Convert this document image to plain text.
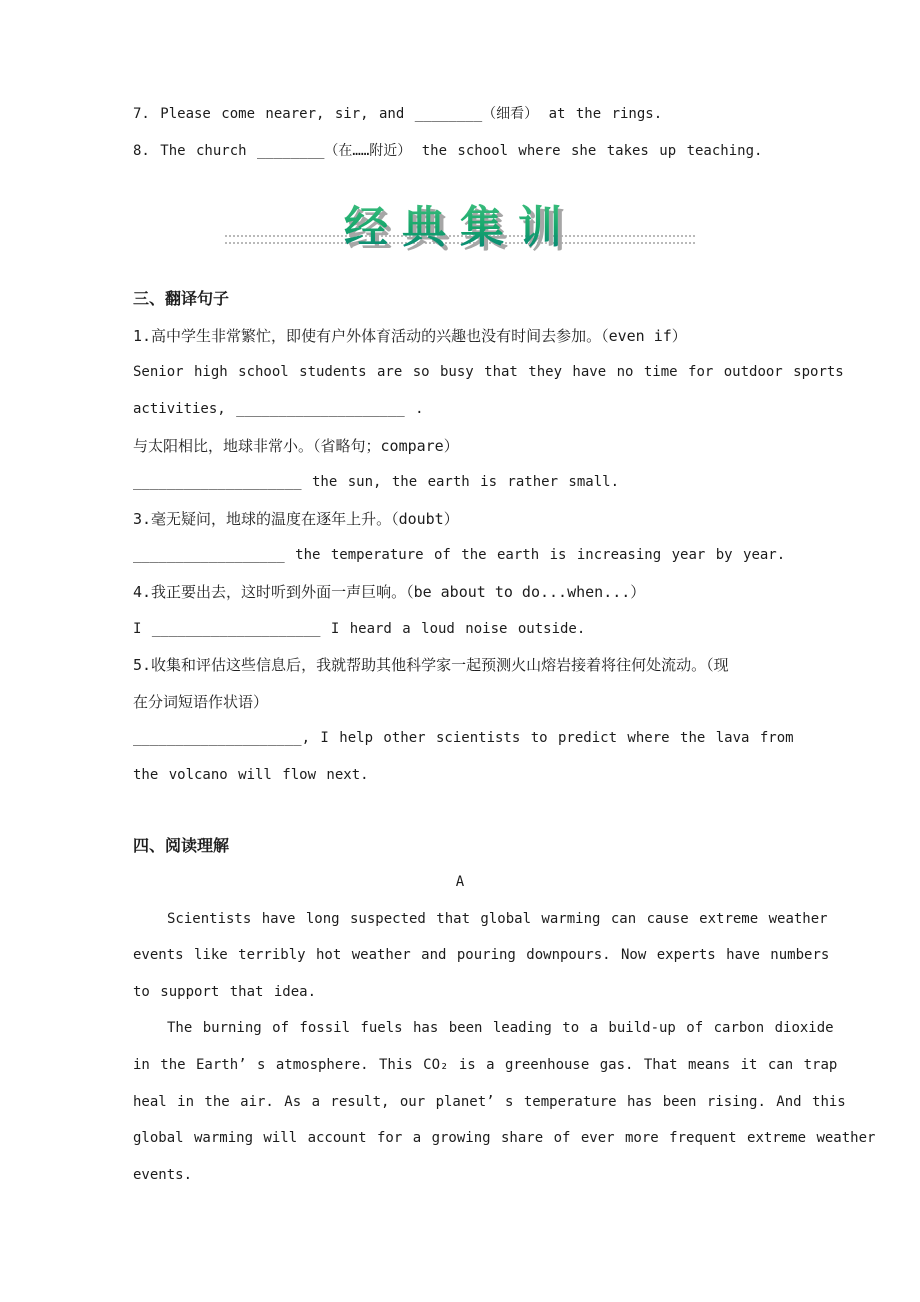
7. Please come nearer, sir, and ________（细看） at the rings.
8. The church ________（在……附近） the school where she takes up teaching.
经典集训
三、翻译句子
1.高中学生非常繁忙，即使有户外体育活动的兴趣也没有时间去参加。（even if）
Senior high school students are so busy that they have no time for outdoor sports
activities, ____________________ .
与太阳相比，地球非常小。（省略句；compare）
____________________ the sun, the earth is rather small.
3.毫无疑问，地球的温度在逐年上升。（doubt）
__________________ the temperature of the earth is increasing year by year.
4.我正要出去，这时听到外面一声巨响。（be about to do...when...）
I ____________________ I heard a loud noise outside.
5.收集和评估这些信息后，我就帮助其他科学家一起预测火山熔岩接着将往何处流动。（现
在分词短语作状语）
____________________, I help other scientists to predict where the lava from
the volcano will flow next.
四、阅读理解
A
Scientists have long suspected that global warming can cause extreme weather
events like terribly hot weather and pouring downpours. Now experts have numbers
to support that idea.
The burning of fossil fuels has been leading to a build-up of carbon dioxide
in the Earth’ s atmosphere. This CO₂ is a greenhouse gas. That means it can trap
heal in the air. As a result, our planet’ s temperature has been rising. And this
global warming will account for a growing share of ever more frequent extreme weather
events.
